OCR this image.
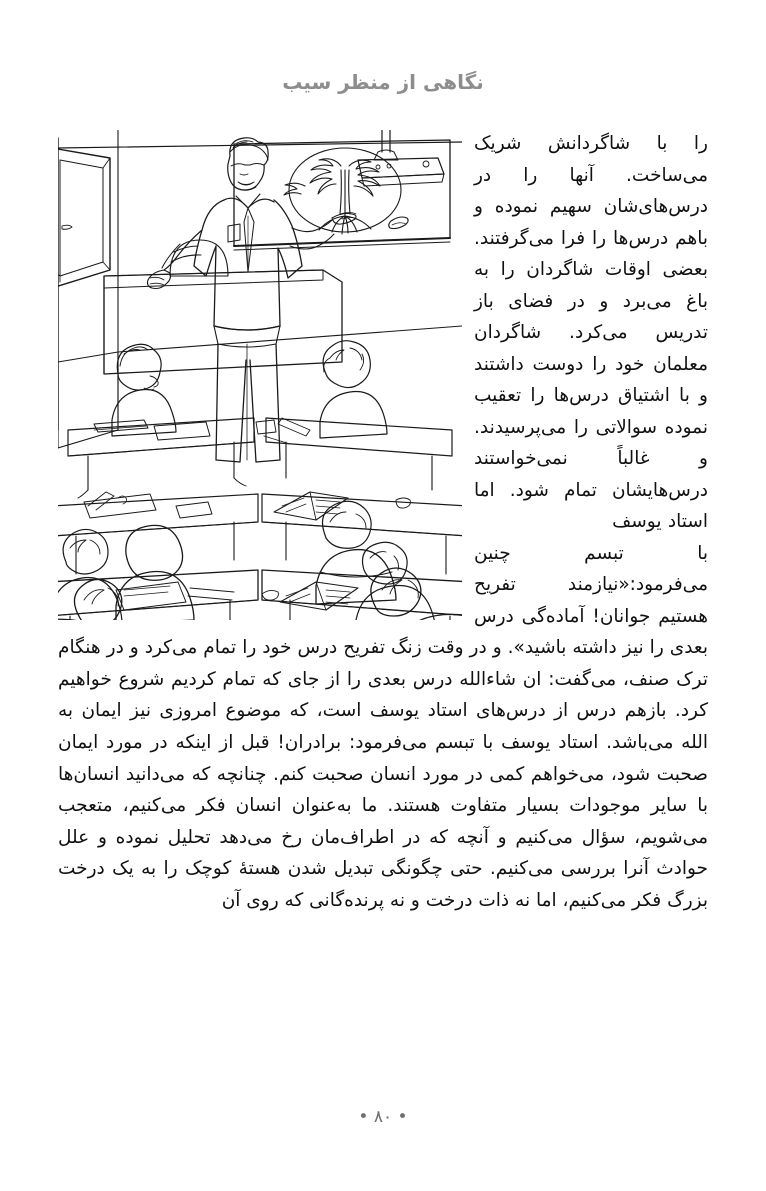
نگاهی از منظر سیب

را با شاگردانش شریک می‌ساخت. آنها را در درس‌های‌شان سهیم نموده و باهم درس‌ها را فرا می‌گرفتند. بعضی اوقات شاگردان را به باغ می‌برد و در فضای باز تدریس می‌کرد. شاگردان معلمان خود را دوست داشتند و با اشتیاق درس‌ها را تعقیب نموده سوالاتی را می‌پرسیدند. و غالباً نمی‌خواستند درس‌هایشان تمام شود. اما استاد یوسف

با تبسم چنین می‌فرمود:«نیازمند تفریح هستیم جوانان! آماده‌گی درس بعدی را نیز داشته باشید». و در وقت زنگ تفریح درس خود را تمام می‌کرد و در هنگام ترک صنف، می‌گفت: ان شاءالله درس بعدی را از جای که تمام کردیم شروع خواهیم کرد. بازهم درس از درس‌های استاد یوسف است، که موضوع امروزی نیز ایمان به الله می‌باشد. استاد یوسف با تبسم می‌فرمود: برادران! قبل از اینکه در مورد ایمان صحبت شود، می‌خواهم کمی در مورد انسان صحبت کنم. چنانچه که می‌دانید انسان‌ها با سایر موجودات بسیار متفاوت هستند. ما به‌عنوان انسان فکر می‌کنیم، متعجب می‌شویم، سؤال می‌کنیم و آنچه که در اطراف‌مان رخ می‌دهد تحلیل نموده و علل حوادث آنرا بررسی می‌کنیم. حتی چگونگی تبدیل شدن هستهٔ کوچک را به یک درخت بزرگ فکر می‌کنیم، اما نه ذات درخت و نه پرنده‌گانی که روی آن

• ۸۰ •
